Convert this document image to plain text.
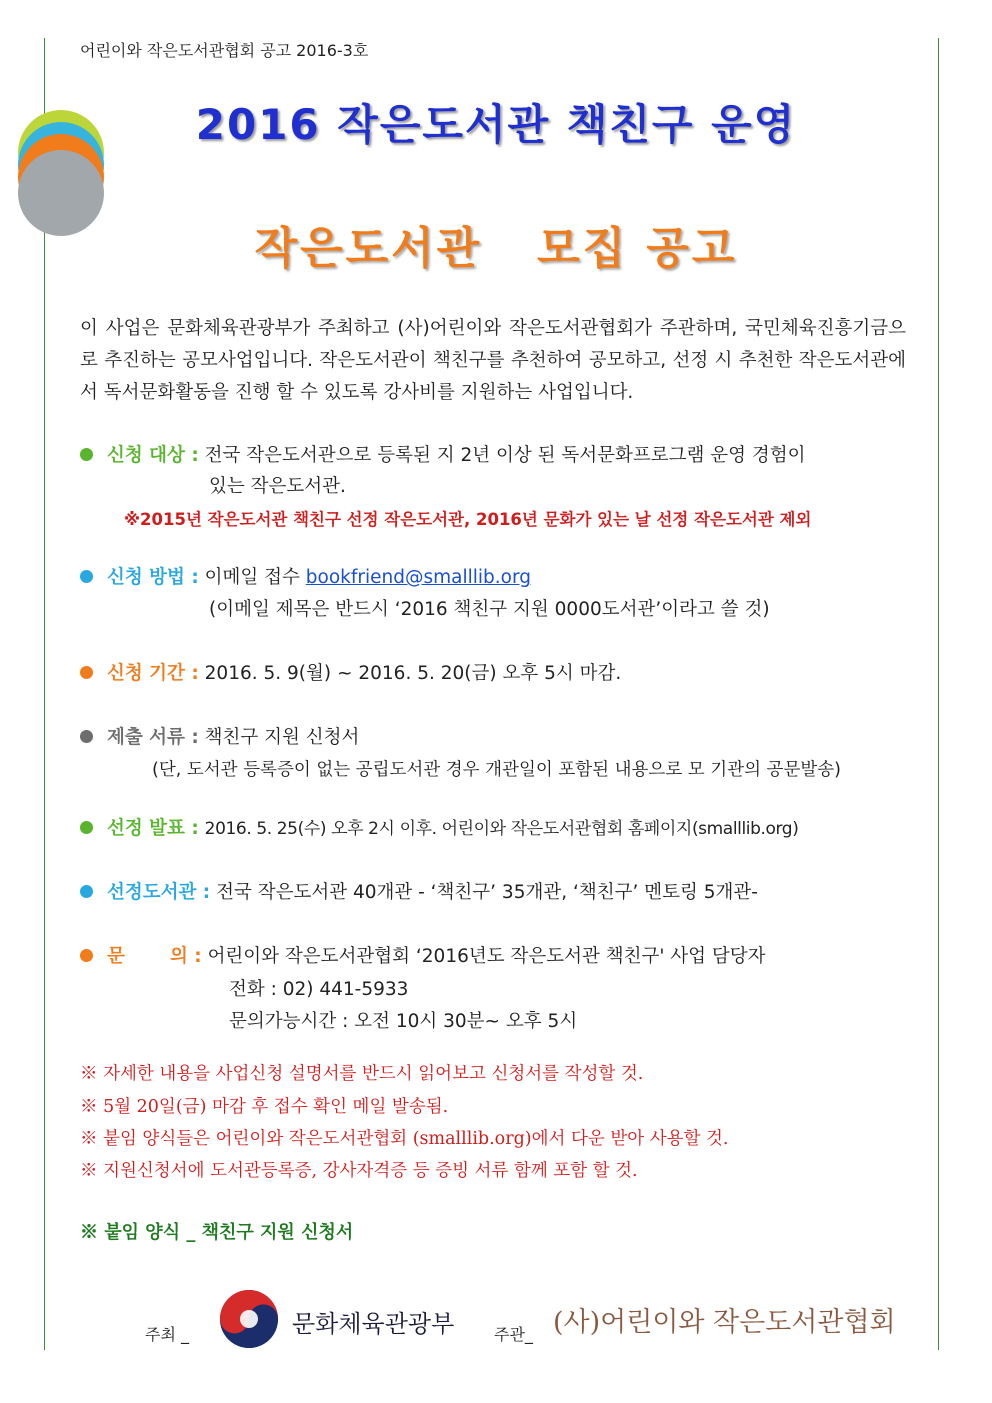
어린이와 작은도서관협회 공고 2016-3호
2016 작은도서관 책친구 운영
작은도서관   모집 공고
이 사업은 문화체육관광부가 주최하고 (사)어린이와 작은도서관협회가 주관하며, 국민체육진흥기금으로 추진하는 공모사업입니다. 작은도서관이 책친구를 추천하여 공모하고, 선정 시 추천한 작은도서관에서 독서문화활동을 진행 할 수 있도록 강사비를 지원하는 사업입니다.
신청 대상 : 전국 작은도서관으로 등록된 지 2년 이상 된 독서문화프로그램 운영 경험이
있는 작은도서관.
※2015년 작은도서관 책친구 선정 작은도서관, 2016년 문화가 있는 날 선정 작은도서관 제외
신청 방법 : 이메일 접수 bookfriend@smalllib.org
(이메일 제목은 반드시 ‘2016 책친구 지원 0000도서관’이라고 쓸 것)
신청 기간 : 2016. 5. 9(월) ~ 2016. 5. 20(금) 오후 5시 마감.
제출 서류 : 책친구 지원 신청서
(단, 도서관 등록증이 없는 공립도서관 경우 개관일이 포함된 내용으로 모 기관의 공문발송)
선정 발표 : 2016. 5. 25(수) 오후 2시 이후. 어린이와 작은도서관협회 홈페이지(smalllib.org)
선정도서관 : 전국 작은도서관 40개관 - ‘책친구’ 35개관, ‘책친구’ 멘토링 5개관-
문       의 : 어린이와 작은도서관협회 ‘2016년도 작은도서관 책친구' 사업 담당자
전화 : 02) 441-5933
문의가능시간 : 오전 10시 30분~ 오후 5시
※ 자세한 내용을 사업신청 설명서를 반드시 읽어보고 신청서를 작성할 것.
※ 5월 20일(금) 마감 후 접수 확인 메일 발송됨.
※ 붙임 양식들은 어린이와 작은도서관협회 (smalllib.org)에서 다운 받아 사용할 것.
※ 지원신청서에 도서관등록증, 강사자격증 등 증빙 서류 함께 포함 할 것.
※ 붙임 양식 _ 책친구 지원 신청서
주최 _	문화체육관광부 주관_ (사)어린이와 작은도서관협회
